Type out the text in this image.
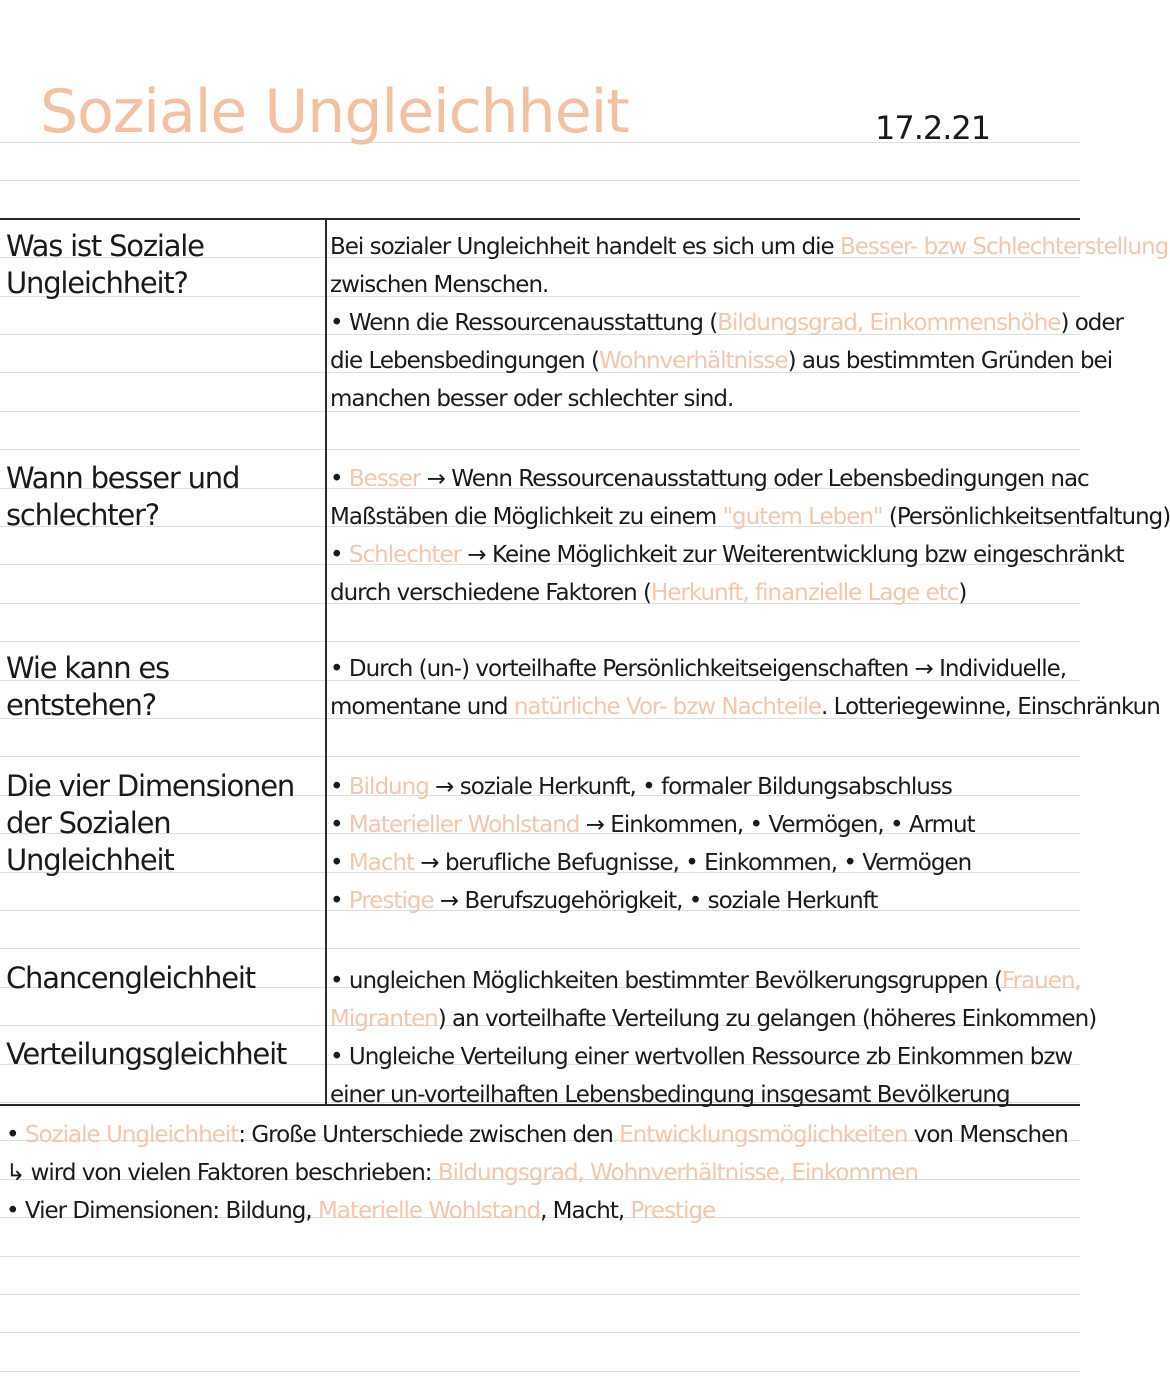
Soziale Ungleichheit	17.2.21
Was ist Soziale Ungleichheit?
Bei sozialer Ungleichheit handelt es sich um die Besser- bzw Schlechterstellung
zwischen Menschen.
• Wenn die Ressourcenausstattung (Bildungsgrad, Einkommenshöhe) oder
die Lebensbedingungen (Wohnverhältnisse) aus bestimmten Gründen bei
manchen besser oder schlechter sind.
Wann besser und schlechter?
• Besser → Wenn Ressourcenausstattung oder Lebensbedingungen nac
Maßstäben die Möglichkeit zu einem "gutem Leben" (Persönlichkeitsentfaltung)
• Schlechter → Keine Möglichkeit zur Weiterentwicklung bzw eingeschränkt
durch verschiedene Faktoren (Herkunft, finanzielle Lage etc)
Wie kann es entstehen?
• Durch (un-) vorteilhafte Persönlichkeitseigenschaften → Individuelle,
momentane und natürliche Vor- bzw Nachteile. Lotteriegewinne, Einschränkun
Die vier Dimensionen der Sozialen Ungleichheit
• Bildung → soziale Herkunft, • formaler Bildungsabschluss
• Materieller Wohlstand → Einkommen, • Vermögen, • Armut
• Macht → berufliche Befugnisse, • Einkommen, • Vermögen
• Prestige → Berufszugehörigkeit, • soziale Herkunft
Chancengleichheit
Verteilungsgleichheit
• ungleichen Möglichkeiten bestimmter Bevölkerungsgruppen (Frauen,
Migranten) an vorteilhafte Verteilung zu gelangen (höheres Einkommen)
• Ungleiche Verteilung einer wertvollen Ressource zb Einkommen bzw
einer un-vorteilhaften Lebensbedingung insgesamt Bevölkerung
• Soziale Ungleichheit: Große Unterschiede zwischen den Entwicklungsmöglichkeiten von Menschen
↳ wird von vielen Faktoren beschrieben: Bildungsgrad, Wohnverhältnisse, Einkommen
• Vier Dimensionen: Bildung, Materielle Wohlstand, Macht, Prestige
